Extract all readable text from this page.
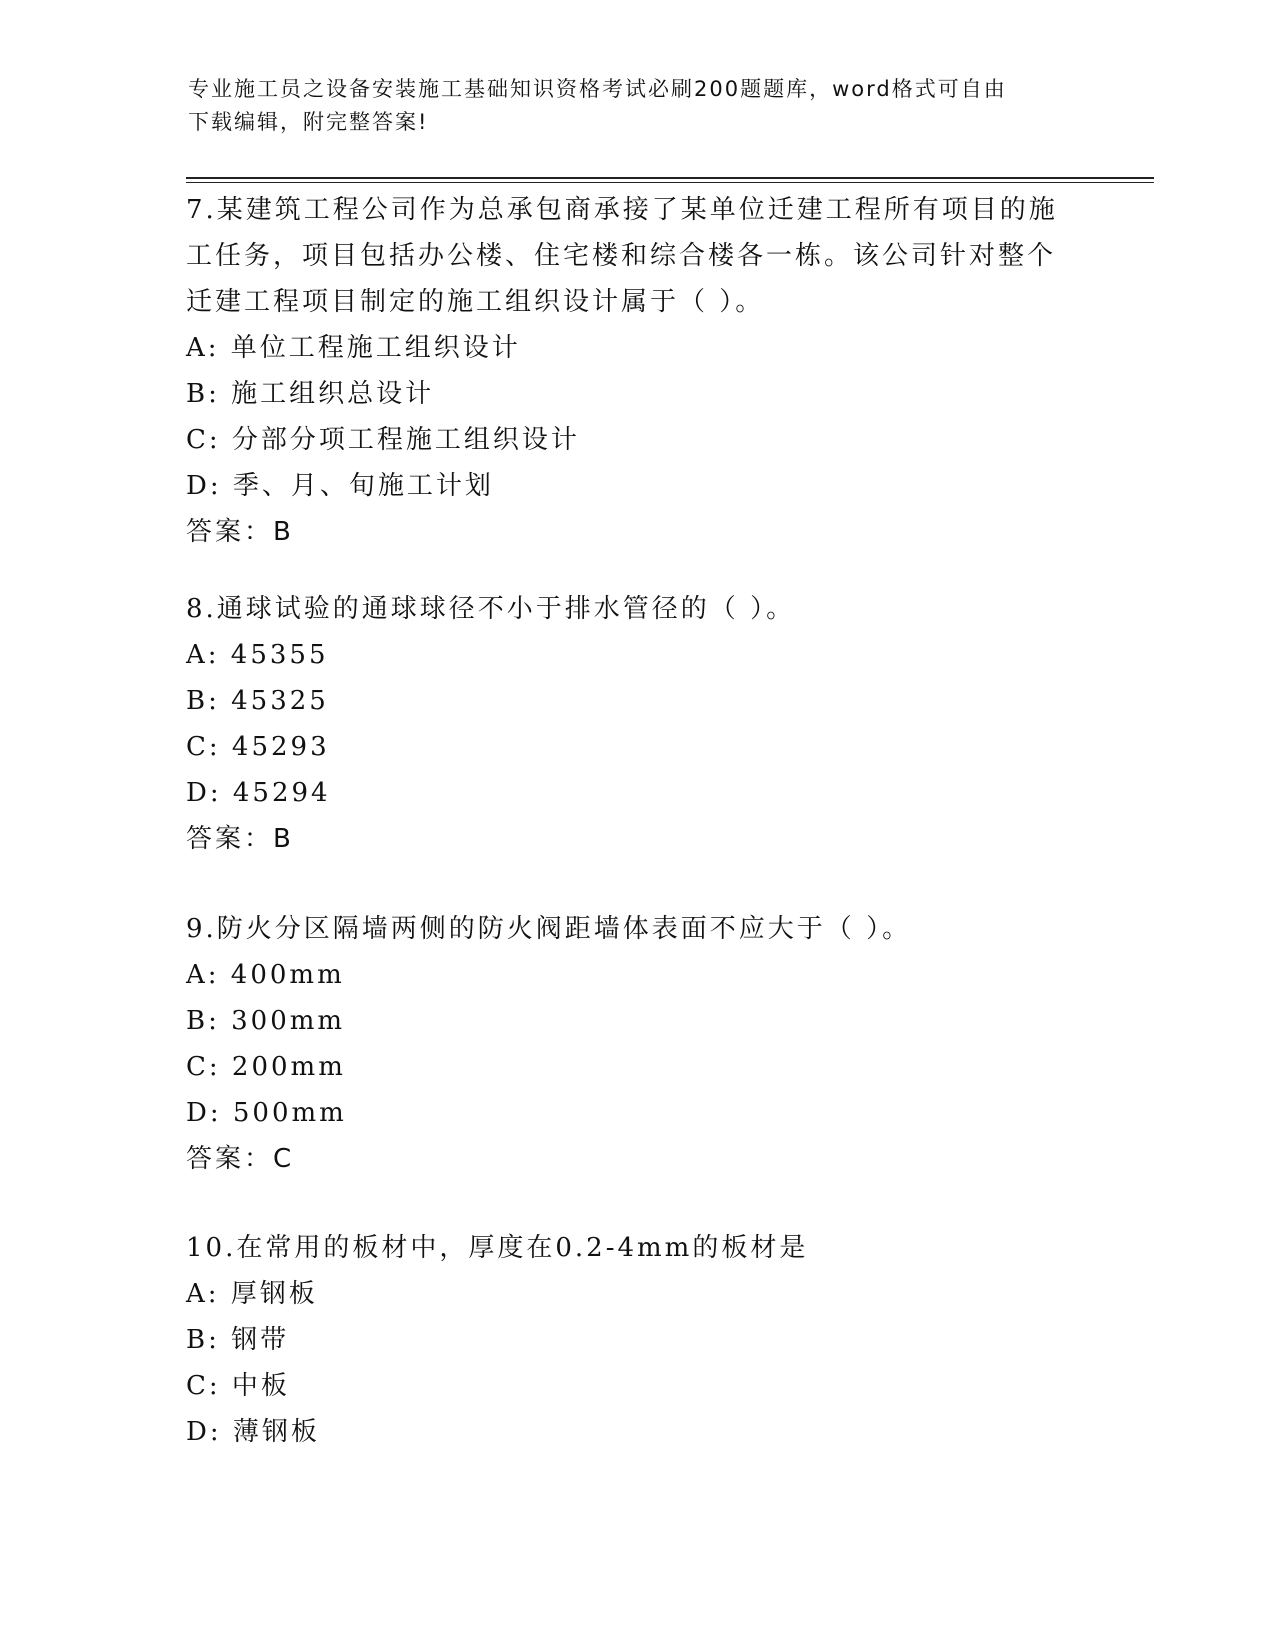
专业施工员之设备安装施工基础知识资格考试必刷200题题库，word格式可自由
下载编辑，附完整答案!

7.某建筑工程公司作为总承包商承接了某单位迁建工程所有项目的施工任务，项目包括办公楼、住宅楼和综合楼各一栋。该公司针对整个迁建工程项目制定的施工组织设计属于（ ）。

A: 单位工程施工组织设计

B: 施工组织总设计

C: 分部分项工程施工组织设计

D: 季、月、旬施工计划

答案：B

8.通球试验的通球球径不小于排水管径的（ ）。

A: 45355

B: 45325

C: 45293

D: 45294

答案：B

9.防火分区隔墙两侧的防火阀距墙体表面不应大于（ ）。

A: 400mm

B: 300mm

C: 200mm

D: 500mm

答案：C

10.在常用的板材中，厚度在0.2-4mm的板材是

A: 厚钢板

B: 钢带

C: 中板

D: 薄钢板
